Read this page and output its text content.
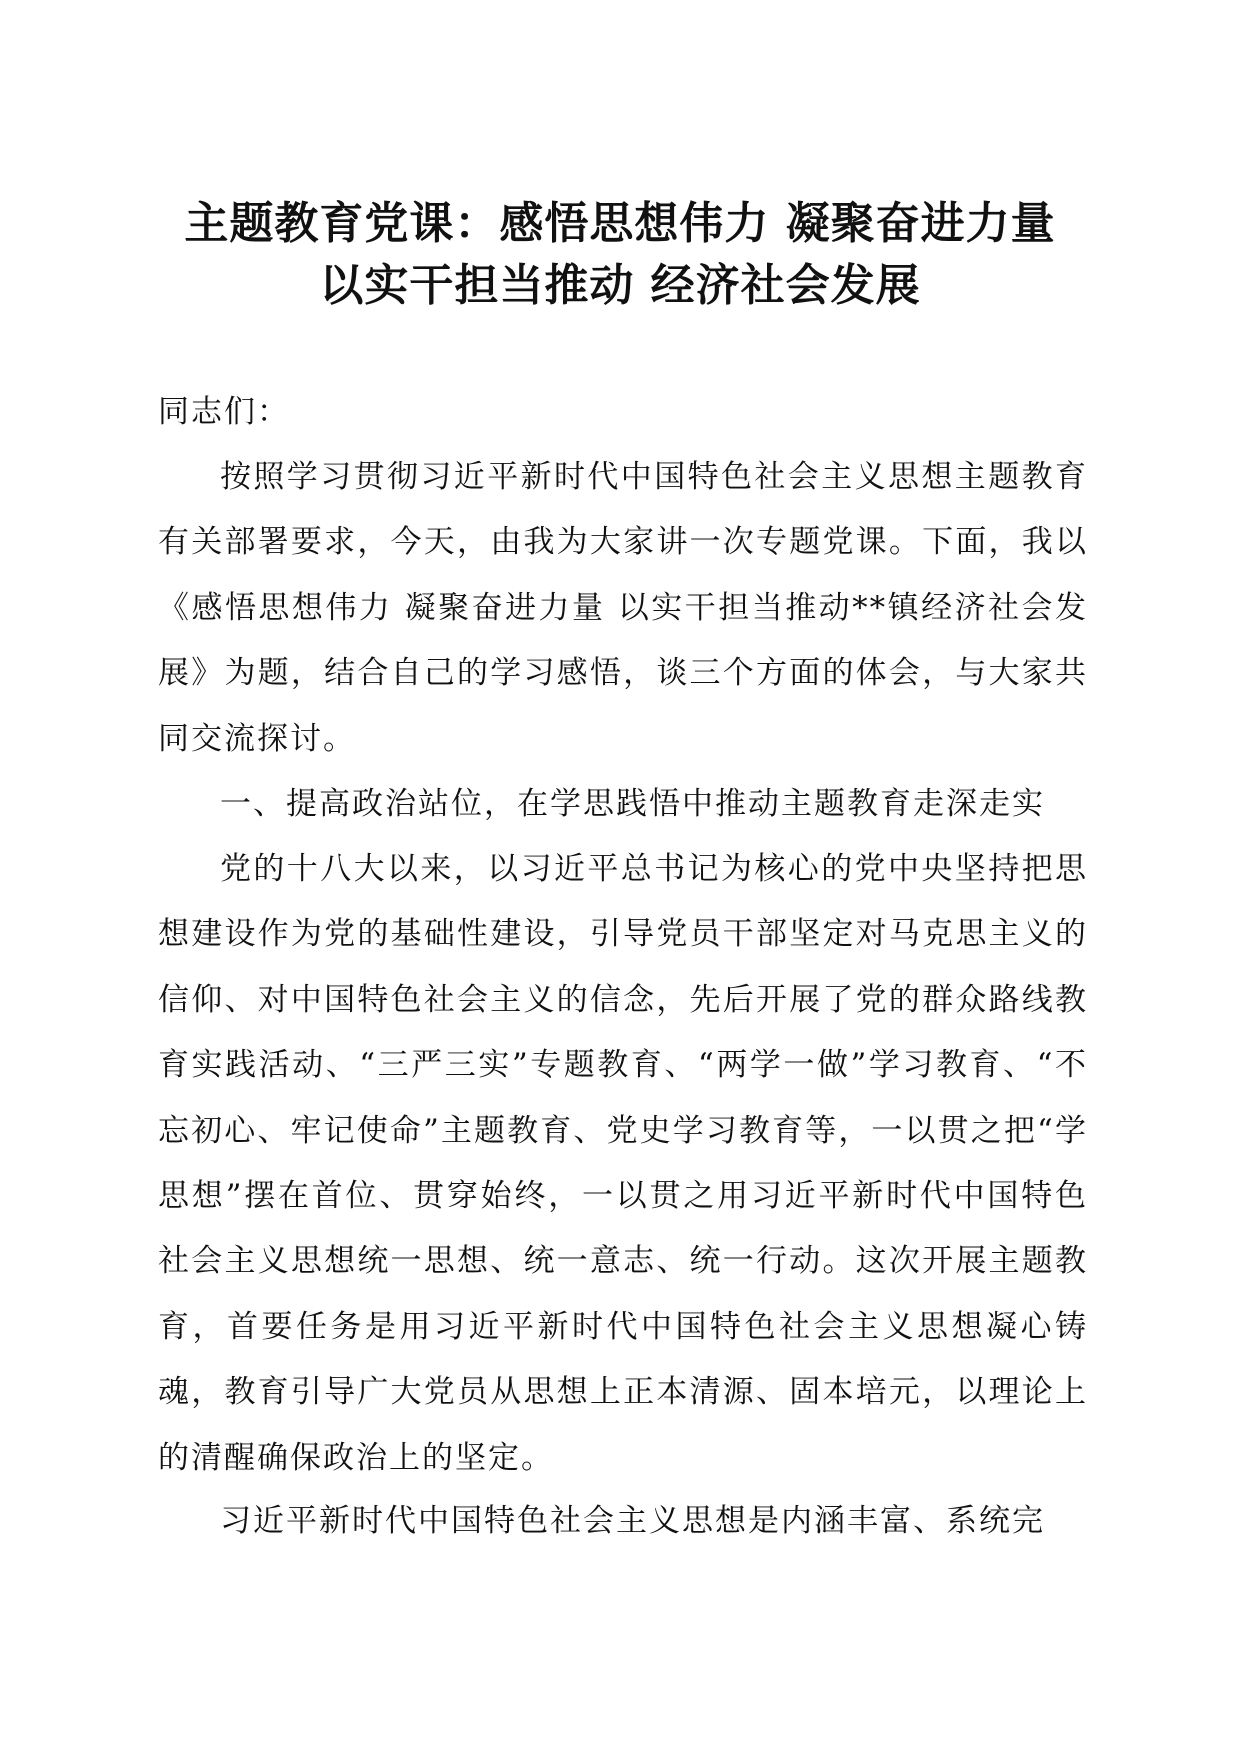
主题教育党课：感悟思想伟力 凝聚奋进力量
以实干担当推动 经济社会发展
同志们：

按照学习贯彻习近平新时代中国特色社会主义思想主题教育有关部署要求，今天，由我为大家讲一次专题党课。下面，我以《感悟思想伟力 凝聚奋进力量 以实干担当推动**镇经济社会发展》为题，结合自己的学习感悟，谈三个方面的体会，与大家共同交流探讨。

一、提高政治站位，在学思践悟中推动主题教育走深走实

党的十八大以来，以习近平总书记为核心的党中央坚持把思想建设作为党的基础性建设，引导党员干部坚定对马克思主义的信仰、对中国特色社会主义的信念，先后开展了党的群众路线教育实践活动、“三严三实”专题教育、“两学一做”学习教育、“不忘初心、牢记使命”主题教育、党史学习教育等，一以贯之把“学思想”摆在首位、贯穿始终，一以贯之用习近平新时代中国特色社会主义思想统一思想、统一意志、统一行动。这次开展主题教育，首要任务是用习近平新时代中国特色社会主义思想凝心铸魂，教育引导广大党员从思想上正本清源、固本培元，以理论上的清醒确保政治上的坚定。

习近平新时代中国特色社会主义思想是内涵丰富、系统完
